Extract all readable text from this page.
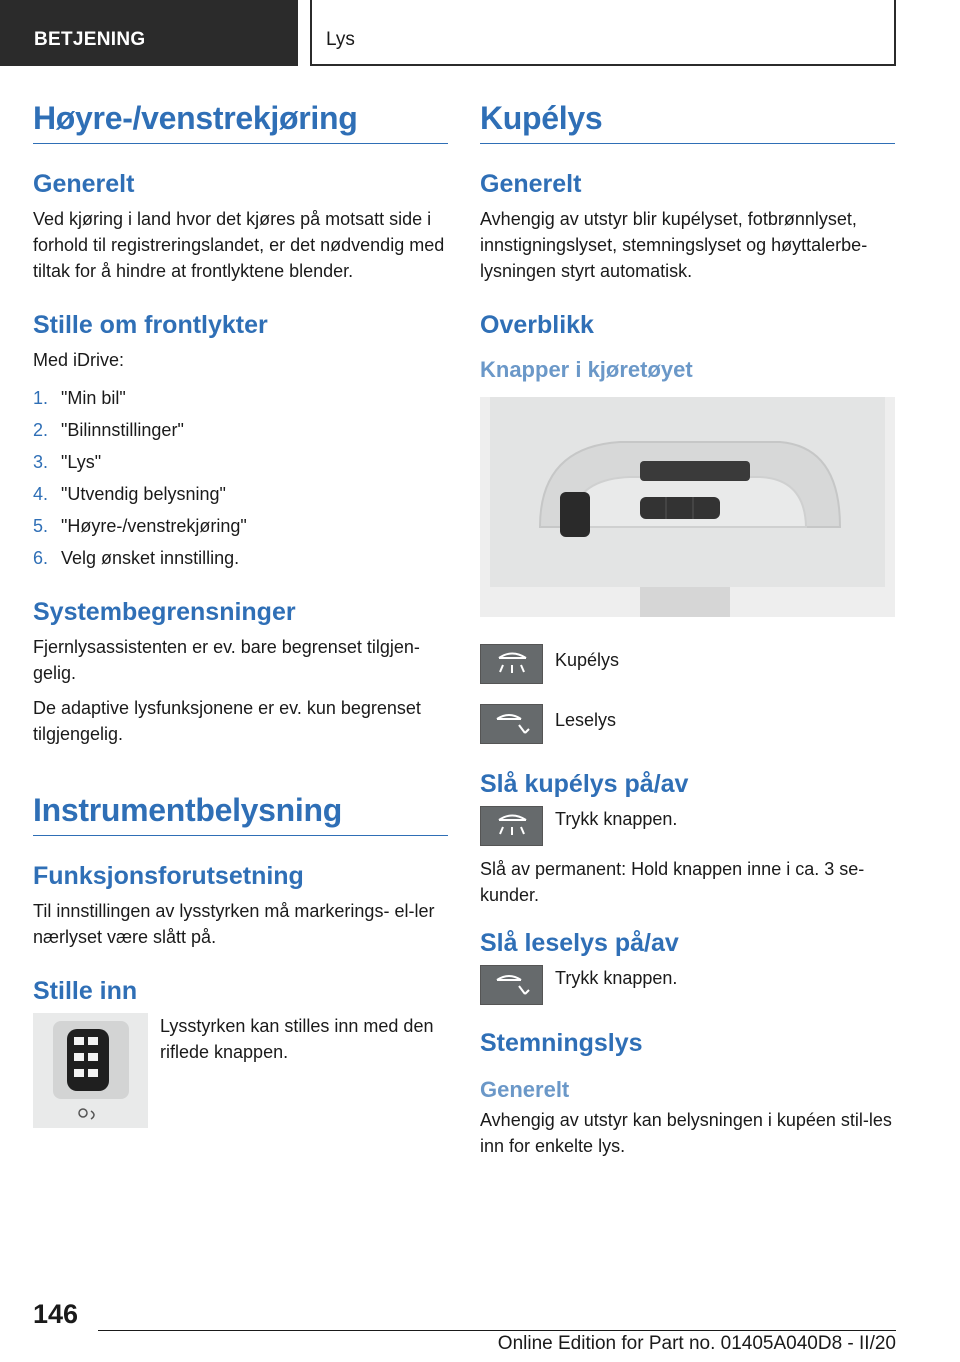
BETJENING	Lys
Høyre-/venstrekjøring
Generelt
Ved kjøring i land hvor det kjøres på motsatt side i forhold til registreringslandet, er det nødvendig med tiltak for å hindre at frontlyktene blender.
Stille om frontlykter
Med iDrive:
1. "Min bil"
2. "Bilinnstillinger"
3. "Lys"
4. "Utvendig belysning"
5. "Høyre-/venstrekjøring"
6. Velg ønsket innstilling.
Systembegrensninger
Fjernlysassistenten er ev. bare begrenset tilgjen-gelig.
De adaptive lysfunksjonene er ev. kun begrenset tilgjengelig.
Instrumentbelysning
Funksjonsforutsetning
Til innstillingen av lysstyrken må markerings- el-ler nærlyset være slått på.
Stille inn
Lysstyrken kan stilles inn med den riflede knappen.
Kupélys
Generelt
Avhengig av utstyr blir kupélyset, fotbrønnlyset, innstigningslyset, stemningslyset og høyttalerbe-lysningen styrt automatisk.
Overblikk
Knapper i kjøretøyet
Kupélys
Leselys
Slå kupélys på/av
Trykk knappen.
Slå av permanent: Hold knappen inne i ca. 3 se-kunder.
Slå leselys på/av
Trykk knappen.
Stemningslys
Generelt
Avhengig av utstyr kan belysningen i kupéen stil-les inn for enkelte lys.
146
Online Edition for Part no. 01405A040D8 - II/20
